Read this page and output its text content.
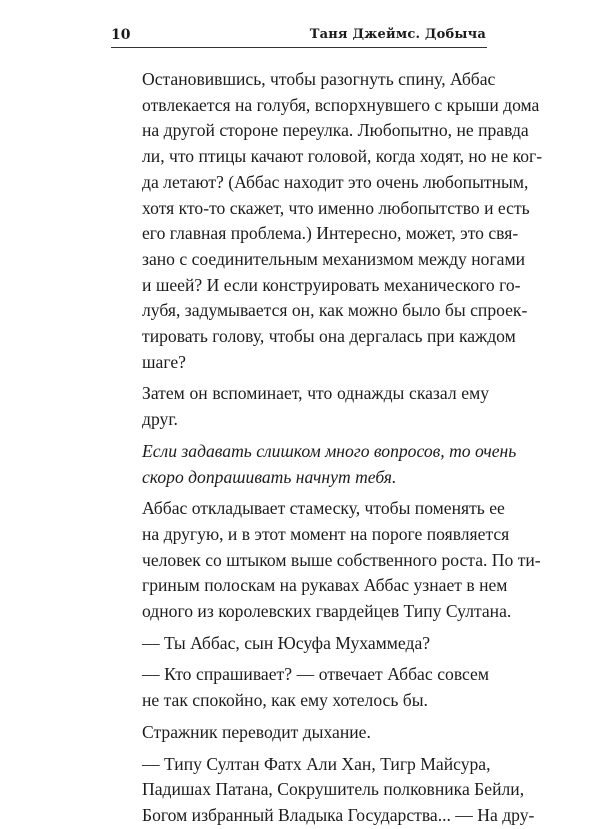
10	Таня Джеймс. Добыча

Остановившись, чтобы разогнуть спину, Аббас
отвлекается на голубя, вспорхнувшего с крыши дома
на другой стороне переулка. Любопытно, не правда
ли, что птицы качают головой, когда ходят, но не ког-
да летают? (Аббас находит это очень любопытным,
хотя кто-то скажет, что именно любопытство и есть
его главная проблема.) Интересно, может, это свя-
зано с соединительным механизмом между ногами
и шеей? И если конструировать механического го-
лубя, задумывается он, как можно было бы спроек-
тировать голову, чтобы она дергалась при каждом
шаге?

Затем он вспоминает, что однажды сказал ему
друг.

Если задавать слишком много вопросов, то очень
скоро допрашивать начнут тебя.

Аббас откладывает стамеску, чтобы поменять ее
на другую, и в этот момент на пороге появляется
человек со штыком выше собственного роста. По ти-
гриным полоскам на рукавах Аббас узнает в нем
одного из королевских гвардейцев Типу Султана.

— Ты Аббас, сын Юсуфа Мухаммеда?

— Кто спрашивает? — отвечает Аббас совсем
не так спокойно, как ему хотелось бы.

Стражник переводит дыхание.

— Типу Султан Фатх Али Хан, Тигр Майсура,
Падишах Патана, Сокрушитель полковника Бейли,
Богом избранный Владыка Государства... — На дру-
